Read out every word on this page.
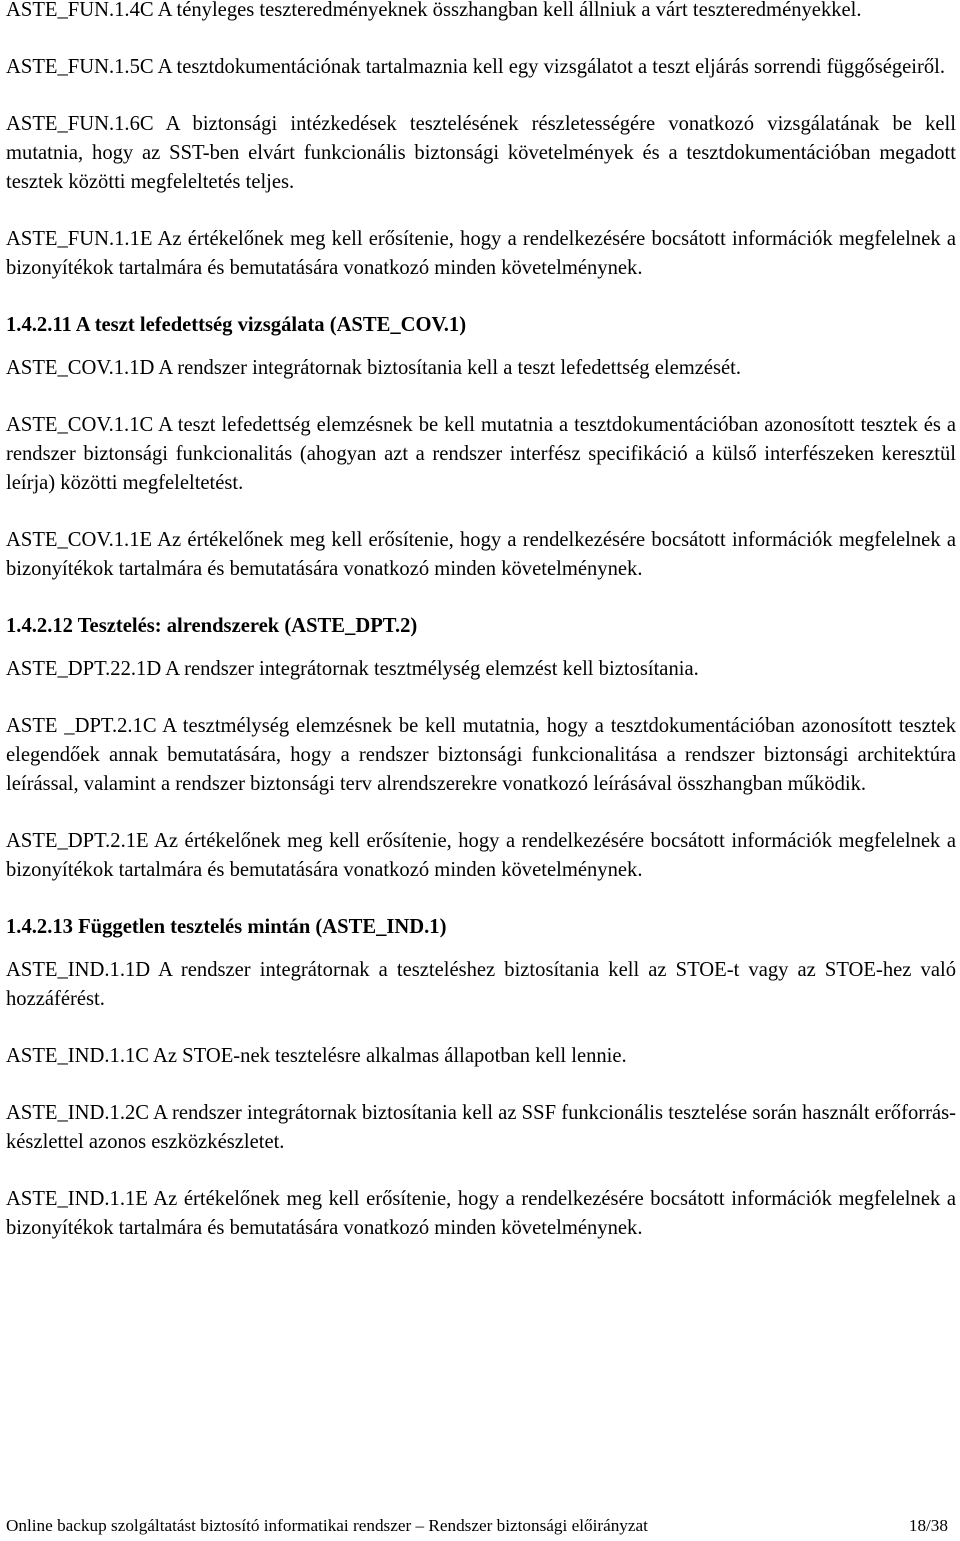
ASTE_FUN.1.4C A tényleges teszteredményeknek összhangban kell állniuk a várt teszteredményekkel.

ASTE_FUN.1.5C A tesztdokumentációnak tartalmaznia kell egy vizsgálatot a teszt eljárás sorrendi függőségeiről.

ASTE_FUN.1.6C A biztonsági intézkedések tesztelésének részletességére vonatkozó vizsgálatának be kell mutatnia, hogy az SST-ben elvárt funkcionális biztonsági követelmények és a tesztdokumentációban megadott tesztek közötti megfeleltetés teljes.

ASTE_FUN.1.1E Az értékelőnek meg kell erősítenie, hogy a rendelkezésére bocsátott információk megfelelnek a bizonyítékok tartalmára és bemutatására vonatkozó minden követelménynek.

1.4.2.11 A teszt lefedettség vizsgálata (ASTE_COV.1)

ASTE_COV.1.1D A rendszer integrátornak biztosítania kell a teszt lefedettség elemzését.

ASTE_COV.1.1C A teszt lefedettség elemzésnek be kell mutatnia a tesztdokumentációban azonosított tesztek és a rendszer biztonsági funkcionalitás (ahogyan azt a rendszer interfész specifikáció a külső interfészeken keresztül leírja) közötti megfeleltetést.

ASTE_COV.1.1E Az értékelőnek meg kell erősítenie, hogy a rendelkezésére bocsátott információk megfelelnek a bizonyítékok tartalmára és bemutatására vonatkozó minden követelménynek.

1.4.2.12 Tesztelés: alrendszerek (ASTE_DPT.2)

ASTE_DPT.22.1D A rendszer integrátornak tesztmélység elemzést kell biztosítania.

ASTE _DPT.2.1C A tesztmélység elemzésnek be kell mutatnia, hogy a tesztdokumentációban azonosított tesztek elegendőek annak bemutatására, hogy a rendszer biztonsági funkcionalitása a rendszer biztonsági architektúra leírással, valamint a rendszer biztonsági terv alrendszerekre vonatkozó leírásával összhangban működik.

ASTE_DPT.2.1E Az értékelőnek meg kell erősítenie, hogy a rendelkezésére bocsátott információk megfelelnek a bizonyítékok tartalmára és bemutatására vonatkozó minden követelménynek.

1.4.2.13 Független tesztelés mintán (ASTE_IND.1)

ASTE_IND.1.1D A rendszer integrátornak a teszteléshez biztosítania kell az STOE-t vagy az STOE-hez való hozzáférést.

ASTE_IND.1.1C Az STOE-nek tesztelésre alkalmas állapotban kell lennie.

ASTE_IND.1.2C A rendszer integrátornak biztosítania kell az SSF funkcionális tesztelése során használt erőforrás-készlettel azonos eszközkészletet.

ASTE_IND.1.1E Az értékelőnek meg kell erősítenie, hogy a rendelkezésére bocsátott információk megfelelnek a bizonyítékok tartalmára és bemutatására vonatkozó minden követelménynek.

Online backup szolgáltatást biztosító informatikai rendszer – Rendszer biztonsági előirányzat	18/38
